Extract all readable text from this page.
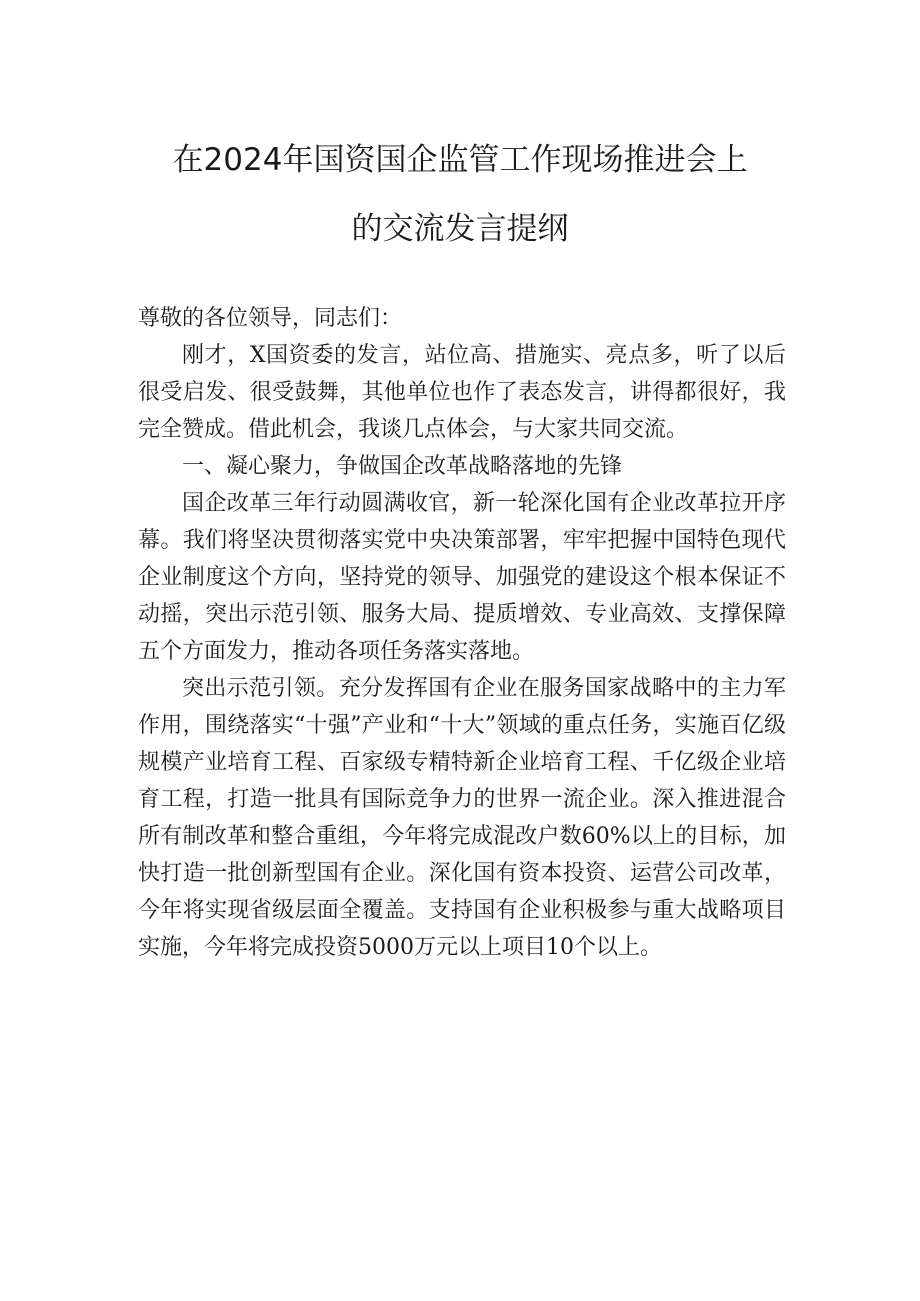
在2024年国资国企监管工作现场推进会上
的交流发言提纲

尊敬的各位领导，同志们：

刚才，X国资委的发言，站位高、措施实、亮点多，听了以后很受启发、很受鼓舞，其他单位也作了表态发言，讲得都很好，我完全赞成。借此机会，我谈几点体会，与大家共同交流。

一、凝心聚力，争做国企改革战略落地的先锋

国企改革三年行动圆满收官，新一轮深化国有企业改革拉开序幕。我们将坚决贯彻落实党中央决策部署，牢牢把握中国特色现代企业制度这个方向，坚持党的领导、加强党的建设这个根本保证不动摇，突出示范引领、服务大局、提质增效、专业高效、支撑保障五个方面发力，推动各项任务落实落地。

突出示范引领。充分发挥国有企业在服务国家战略中的主力军作用，围绕落实“十强”产业和“十大”领域的重点任务，实施百亿级规模产业培育工程、百家级专精特新企业培育工程、千亿级企业培育工程，打造一批具有国际竞争力的世界一流企业。深入推进混合所有制改革和整合重组，今年将完成混改户数60%以上的目标，加快打造一批创新型国有企业。深化国有资本投资、运营公司改革，今年将实现省级层面全覆盖。支持国有企业积极参与重大战略项目实施，今年将完成投资5000万元以上项目10个以上。
